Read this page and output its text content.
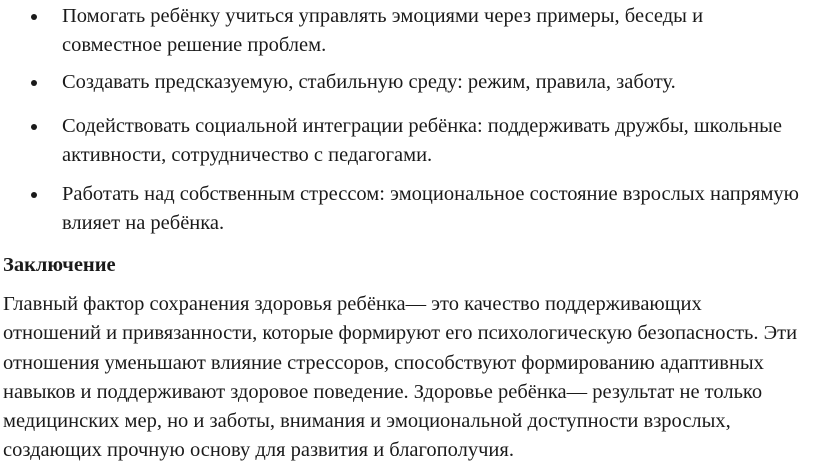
Помогать ребёнку учиться управлять эмоциями через примеры, беседы и
совместное решение проблем.

Создавать предсказуемую, стабильную среду: режим, правила, заботу.

Содействовать социальной интеграции ребёнка: поддерживать дружбы, школьные
активности, сотрудничество с педагогами.

Работать над собственным стрессом: эмоциональное состояние взрослых напрямую
влияет на ребёнка.

Заключение

Главный фактор сохранения здоровья ребёнка— это качество поддерживающих
отношений и привязанности, которые формируют его психологическую безопасность. Эти
отношения уменьшают влияние стрессоров, способствуют формированию адаптивных
навыков и поддерживают здоровое поведение. Здоровье ребёнка— результат не только
медицинских мер, но и заботы, внимания и эмоциональной доступности взрослых,
создающих прочную основу для развития и благополучия.
